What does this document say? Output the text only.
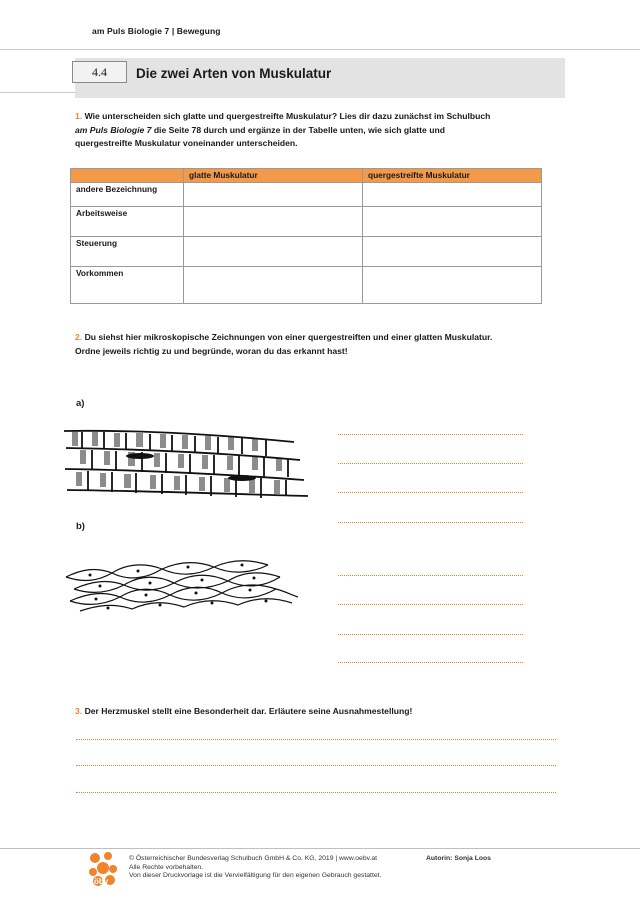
am Puls Biologie 7 | Bewegung
4.4	Die zwei Arten von Muskulatur
1. Wie unterscheiden sich glatte und quergestreifte Muskulatur? Lies dir dazu zunächst im Schulbuch
am Puls Biologie 7 die Seite 78 durch und ergänze in der Tabelle unten, wie sich glatte und
quergestreifte Muskulatur voneinander unterscheiden.
	glatte Muskulatur	quergestreifte Muskulatur
andere Bezeichnung		
Arbeitsweise		
Steuerung		
Vorkommen		
2. Du siehst hier mikroskopische Zeichnungen von einer quergestreiften und einer glatten Muskulatur.
Ordne jeweils richtig zu und begründe, woran du das erkannt hast!
a)
b)
3. Der Herzmuskel stellt eine Besonderheit dar. Erläutere seine Ausnahmestellung!
öbv
© Österreichischer Bundesverlag Schulbuch GmbH & Co. KG, 2019 | www.oebv.at
Alle Rechte vorbehalten.
Von dieser Druckvorlage ist die Vervielfältigung für den eigenen Gebrauch gestattet.
Autorin: Sonja Loos
